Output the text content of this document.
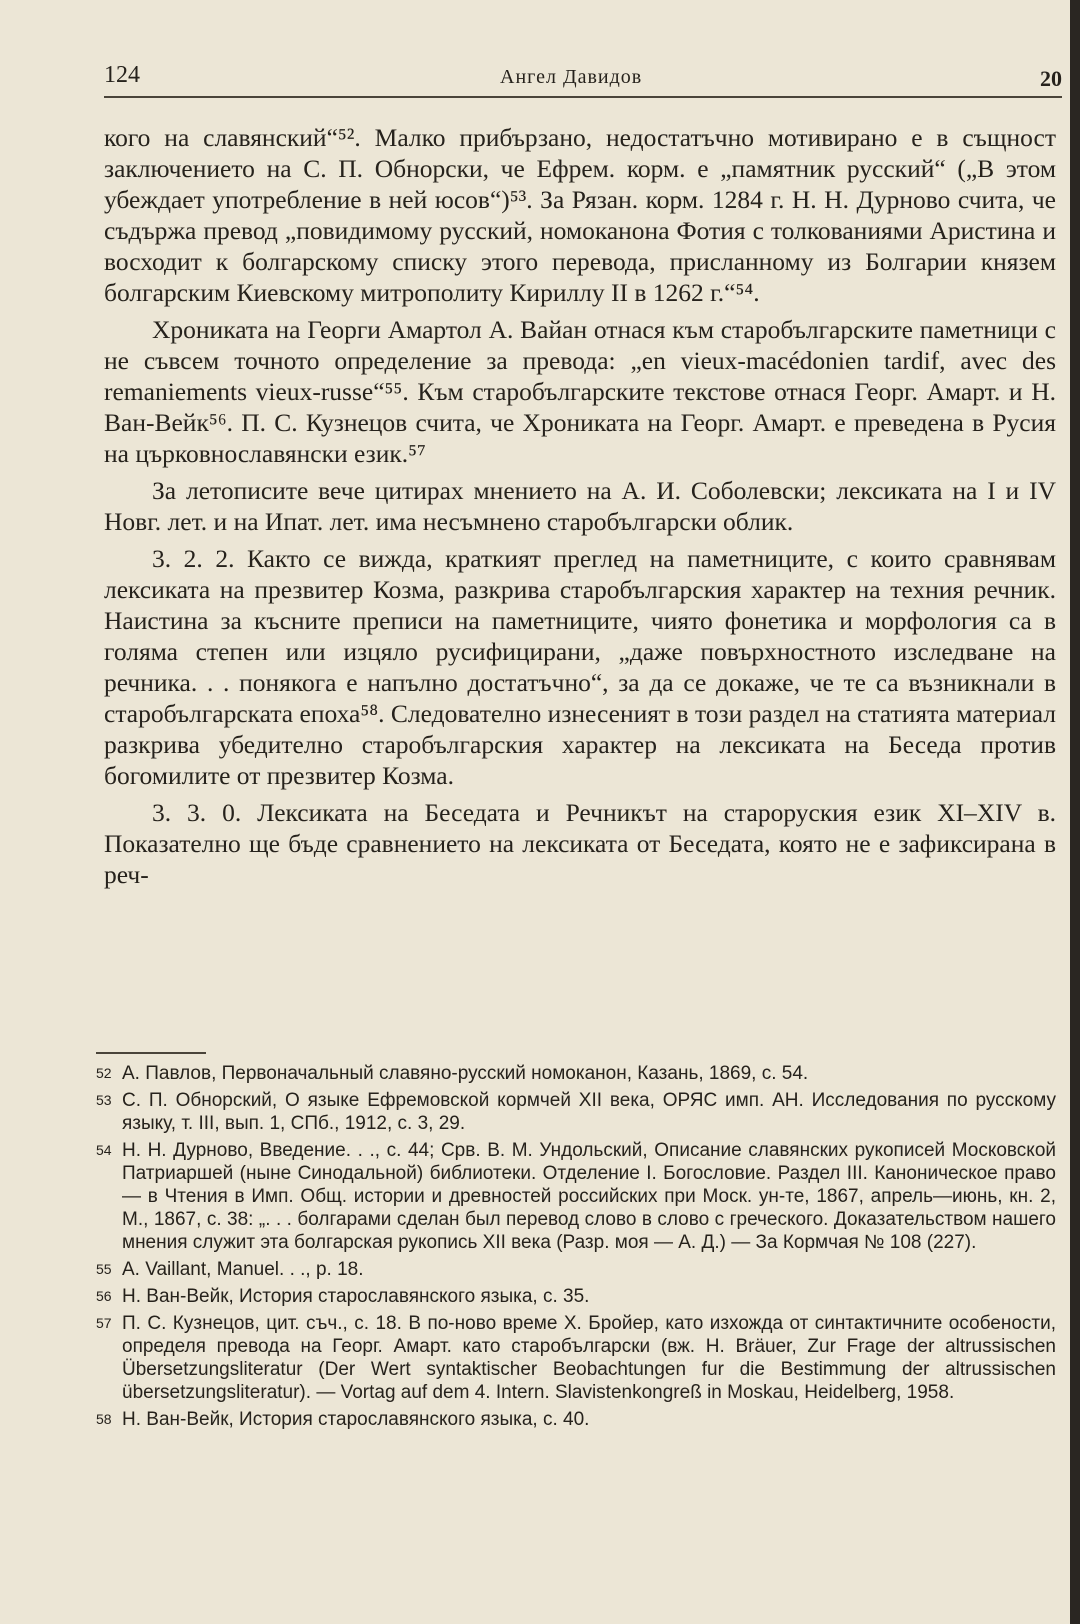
124	Ангел Давидов	20

кого на славянский“⁵². Малко прибързано, недостатъчно мотивирано е в същност заключението на С. П. Обнорски, че Ефрем. корм. е „памятник русский“ („В этом убеждает употребление в ней юсов“)⁵³. За Рязан. корм. 1284 г. Н. Н. Дурново счита, че съдържа превод „повидимому русский, номоканона Фотия с толкованиями Аристина и восходит к болгарскому списку этого перевода, присланному из Болгарии князем болгарским Киевскому митрополиту Кириллу II в 1262 г.“⁵⁴.

Хрониката на Георги Амартол А. Вайан отнася към старобългарските паметници с не съвсем точното определение за превода: „en vieux-macédonien tardif, avec des remaniements vieux-russe“⁵⁵. Към старобългарските текстове отнася Георг. Амарт. и Н. Ван-Вейк⁵⁶. П. С. Кузнецов счита, че Хрониката на Георг. Амарт. е преведена в Русия на църковнославянски език.⁵⁷

За летописите вече цитирах мнението на А. И. Соболевски; лексиката на I и IV Новг. лет. и на Ипат. лет. има несъмнено старобългарски облик.

3. 2. 2. Както се вижда, краткият преглед на паметниците, с които сравнявам лексиката на презвитер Козма, разкрива старобългарския характер на техния речник. Наистина за късните преписи на паметниците, чиято фонетика и морфология са в голяма степен или изцяло русифицирани, „даже повърхностното изследване на речника. . . понякога е напълно достатъчно“, за да се докаже, че те са възникнали в старобългарската епоха⁵⁸. Следователно изнесеният в този раздел на статията материал разкрива убедително старобългарския характер на лексиката на Беседа против богомилите от презвитер Козма.

3. 3. 0. Лексиката на Беседата и Речникът на староруския език XI–XIV в. Показателно ще бъде сравнението на лексиката от Беседата, която не е зафиксирана в реч-

52 А. Павлов, Первоначальный славяно-русский номоканон, Казань, 1869, с. 54.
53 С. П. Обнорский, О языке Ефремовской кормчей XII века, ОРЯС имп. АН. Исследования по русскому языку, т. III, вып. 1, СПб., 1912, с. 3, 29.
54 Н. Н. Дурново, Введение. . ., с. 44; Срв. В. М. Ундольский, Описание славянских рукописей Московской Патриаршей (ныне Синодальной) библиотеки. Отделение I. Богословие. Раздел III. Каноническое право — в Чтения в Имп. Общ. истории и древностей российских при Моск. ун-те, 1867, апрель—июнь, кн. 2, М., 1867, с. 38: „. . . болгарами сделан был перевод слово в слово с греческого. Доказательством нашего мнения служит эта болгарская рукопись XII века (Разр. моя — А. Д.) — За Кормчая № 108 (227).
55 A. Vaillant, Manuel. . ., p. 18.
56 Н. Ван-Вейк, История старославянского языка, с. 35.
57 П. С. Кузнецов, цит. съч., с. 18. В по-ново време Х. Бройер, като изхожда от синтактичните особености, определя превода на Георг. Амарт. като старобългарски (вж. H. Bräuer, Zur Frage der altrussischen Übersetzungsliteratur (Der Wert syntaktischer Beobachtungen fur die Bestimmung der altrussischen übersetzungsliteratur). — Vortag auf dem 4. Intern. Slavistenkongreß in Moskau, Heidelberg, 1958.
58 Н. Ван-Вейк, История старославянского языка, с. 40.
